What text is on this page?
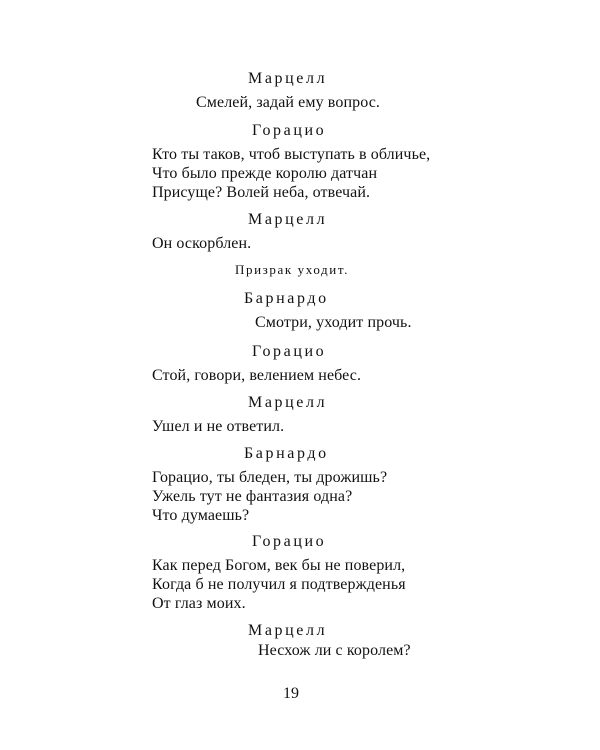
Марцелл
Смелей, задай ему вопрос.
Горацио
Кто ты таков, чтоб выступать в обличье,
Что было прежде королю датчан
Присуще? Волей неба, отвечай.
Марцелл
Он оскорблен.
Призрак уходит.
Барнардо
Смотри, уходит прочь.
Горацио
Стой, говори, велением небес.
Марцелл
Ушел и не ответил.
Барнардо
Горацио, ты бледен, ты дрожишь?
Ужель тут не фантазия одна?
Что думаешь?
Горацио
Как перед Богом, век бы не поверил,
Когда б не получил я подтвержденья
От глаз моих.
Марцелл
Несхож ли с королем?
19
